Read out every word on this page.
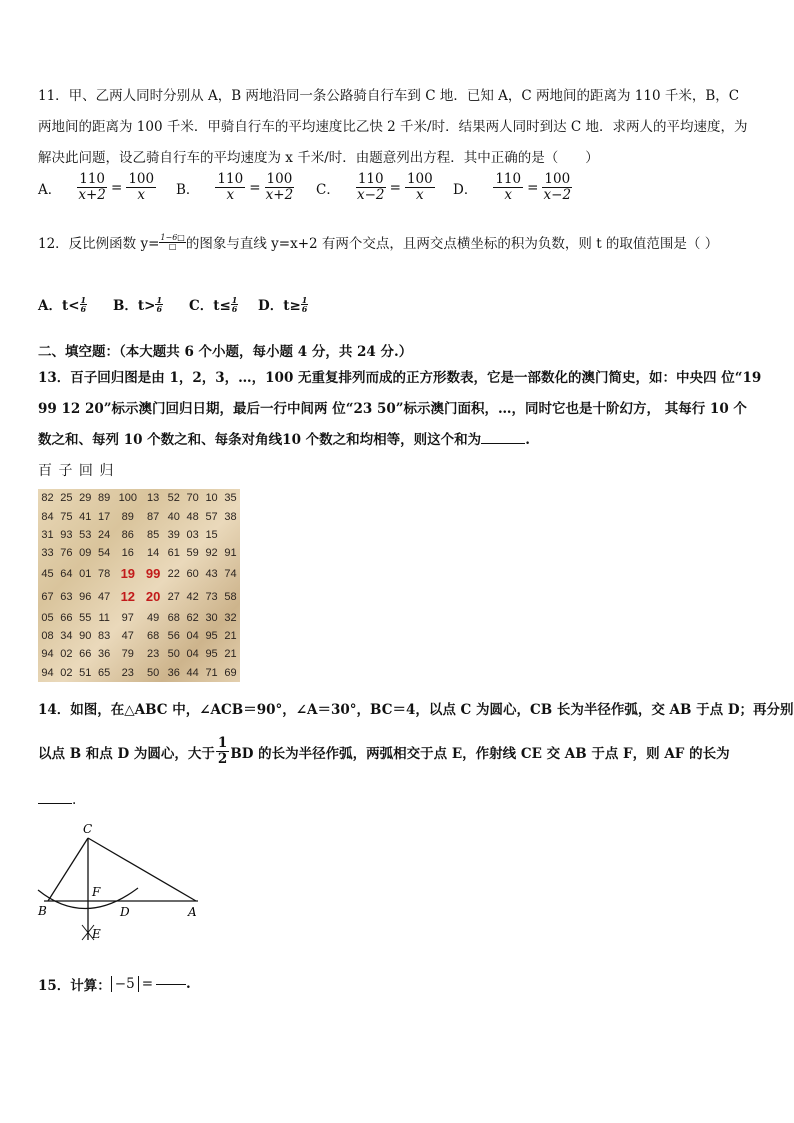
11．甲、乙两人同时分别从 A，B 两地沿同一条公路骑自行车到 C 地．已知 A，C 两地间的距离为 110 千米，B，C
两地间的距离为 100 千米．甲骑自行车的平均速度比乙快 2 千米/时．结果两人同时到达 C 地．求两人的平均速度，为
解决此问题，设乙骑自行车的平均速度为 x 千米/时．由题意列出方程．其中正确的是（　　）
A． $\frac{110}{x+2} = \frac{100}{x}$ B． $\frac{110}{x} = \frac{100}{x+2}$ C． $\frac{110}{x-2} = \frac{100}{x}$ D． $\frac{110}{x} = \frac{100}{x-2}$
12．反比例函数 y= 1−6□
□ 的图象与直线 y=x+2 有两个交点，且两交点横坐标的积为负数，则 t 的取值范围是（ ）
A．$t< \frac{1}{6}$ B．$t> \frac{1}{6}$ C．$t\le \frac{1}{6}$ D．$t\ge \frac{1}{6}$
二、填空题：（本大题共 6 个小题，每小题 4 分，共 24 分.）
13．百子回归图是由 1，2，3，…，100 无重复排列而成的正方形数表，它是一部数化的澳门简史，如：中央四 位“19
99 12 20”标示澳门回归日期，最后一行中间两 位“23 50”标示澳门面积，…，同时它也是十阶幻方， 其每行 10 个
数之和、每列 10 个数之和、每条对角线10 个数之和均相等，则这个和为	.
百 子 回 归
82	25	29	89	100	13	52	70	10	35
84	75	41	17	89	87	40	48	57	38
31	93	53	24	86	85	39	03	15	
33	76	09	54	16	14	61	59	92	91
45	64	01	78	19	99	22	60	43	74
67	63	96	47	12	20	27	42	73	58
05	66	55	11	97	49	68	62	30	32
08	34	90	83	47	68	56	04	95	21
94	02	66	36	79	23	50	04	95	21
94	02	51	65	23	50	36	44	71	69
14．如图，在△ABC 中，∠ACB＝90°，∠A＝30°，BC＝4，以点 C 为圆心，CB 长为半径作弧，交 AB 于点 D；再分别
以点 B 和点 D 为圆心，大于 $\frac{1}{2}$ BD 的长为半径作弧，两弧相交于点 E，作射线 CE 交 AB 于点 F，则 AF 的长为
.
C
F
B	D	A
E
15．计算： −5 = .
